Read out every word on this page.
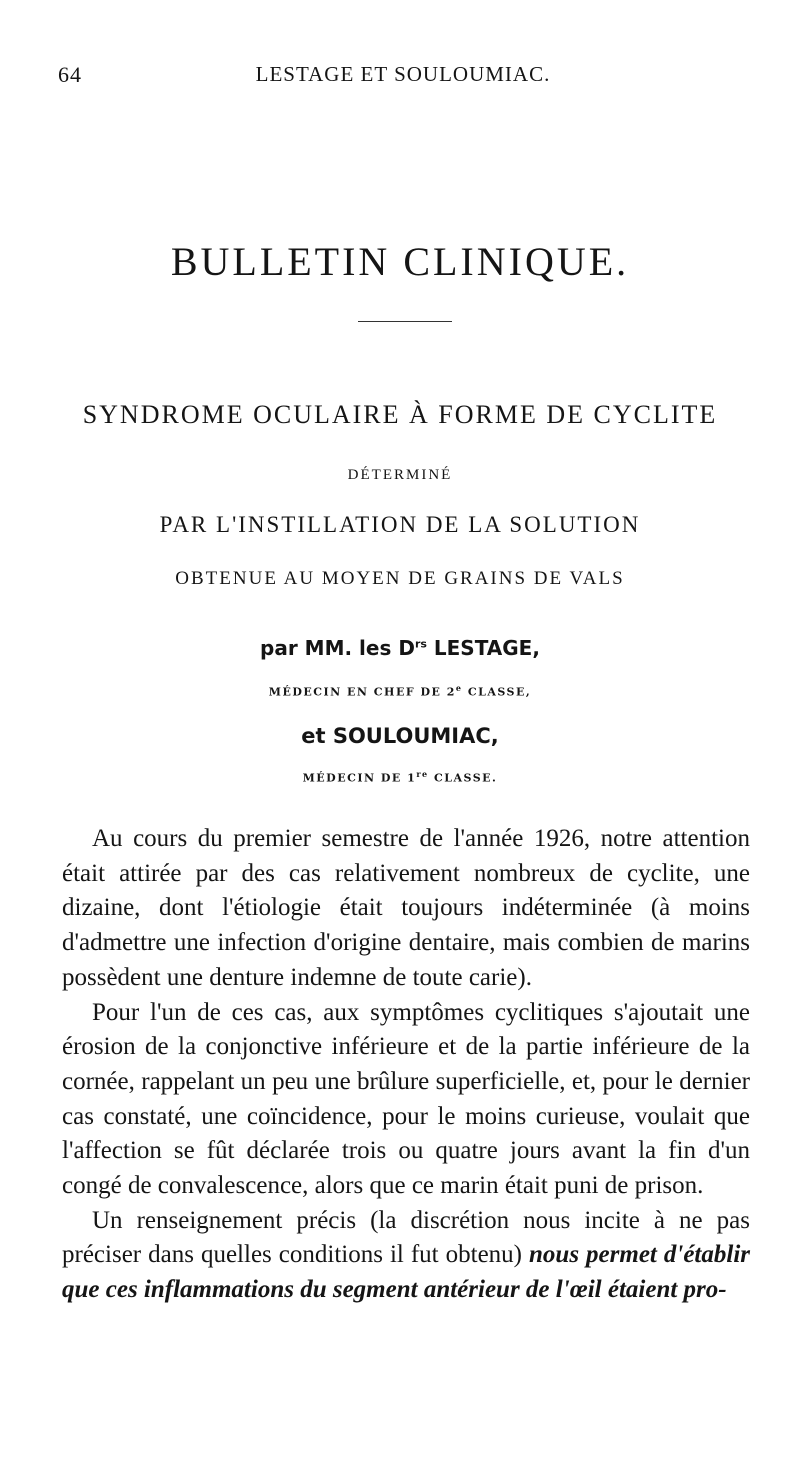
64	LESTAGE ET SOULOUMIAC.
BULLETIN CLINIQUE.
SYNDROME OCULAIRE À FORME DE CYCLITE
DÉTERMINÉ
PAR L'INSTILLATION DE LA SOLUTION
OBTENUE AU MOYEN DE GRAINS DE VALS
par MM. les $D^{rs}$ LESTAGE,
MÉDECIN EN CHEF DE 2e CLASSE,
et SOULOUMIAC,
MÉDECIN DE 1re CLASSE.

Au cours du premier semestre de l'année 1926, notre attention était attirée par des cas relativement nombreux de cyclite, une dizaine, dont l'étiologie était toujours indéterminée (à moins d'admettre une infection d'origine dentaire, mais combien de marins possèdent une denture indemne de toute carie).

Pour l'un de ces cas, aux symptômes cyclitiques s'ajoutait une érosion de la conjonctive inférieure et de la partie inférieure de la cornée, rappelant un peu une brûlure superficielle, et, pour le dernier cas constaté, une coïncidence, pour le moins curieuse, voulait que l'affection se fût déclarée trois ou quatre jours avant la fin d'un congé de convalescence, alors que ce marin était puni de prison.

Un renseignement précis (la discrétion nous incite à ne pas préciser dans quelles conditions il fut obtenu) nous permet d'établir que ces inflammations du segment antérieur de l'œil étaient pro-
